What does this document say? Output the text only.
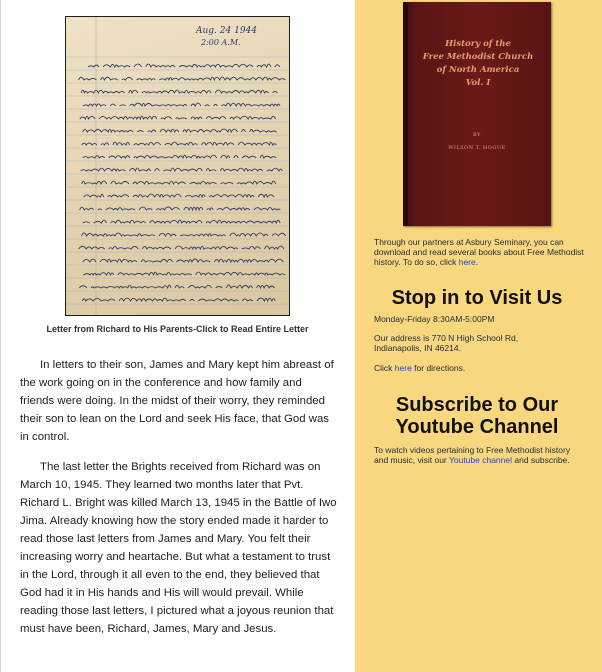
Aug. 24 1944
2:00 A.M.
Letter from Richard to His Parents-Click to Read Entire Letter

In letters to their son, James and Mary kept him abreast of the work going on in the conference and how family and friends were doing. In the midst of their worry, they reminded their son to lean on the Lord and seek His face, that God was in control.

The last letter the Brights received from Richard was on March 10, 1945. They learned two months later that Pvt. Richard L. Bright was killed March 13, 1945 in the Battle of Iwo Jima. Already knowing how the story ended made it harder to read those last letters from James and Mary. You felt their increasing worry and heartache. But what a testament to trust in the Lord, through it all even to the end, they believed that God had it in His hands and His will would prevail. While reading those last letters, I pictured what a joyous reunion that must have been, Richard, James, Mary and Jesus.

History of the
Free Methodist Church
of North America
Vol. I
BY
WILSON T. HOGUE

Through our partners at Asbury Seminary, you can download and read several books about Free Methodist history. To do so, click here.

Stop in to Visit Us

Monday-Friday 8:30AM-5:00PM

Our address is 770 N High School Rd,
Indianapolis, IN 46214.

Click here for directions.

Subscribe to Our
Youtube Channel

To watch videos pertaining to Free Methodist history and music, visit our Youtube channel and subscribe.
